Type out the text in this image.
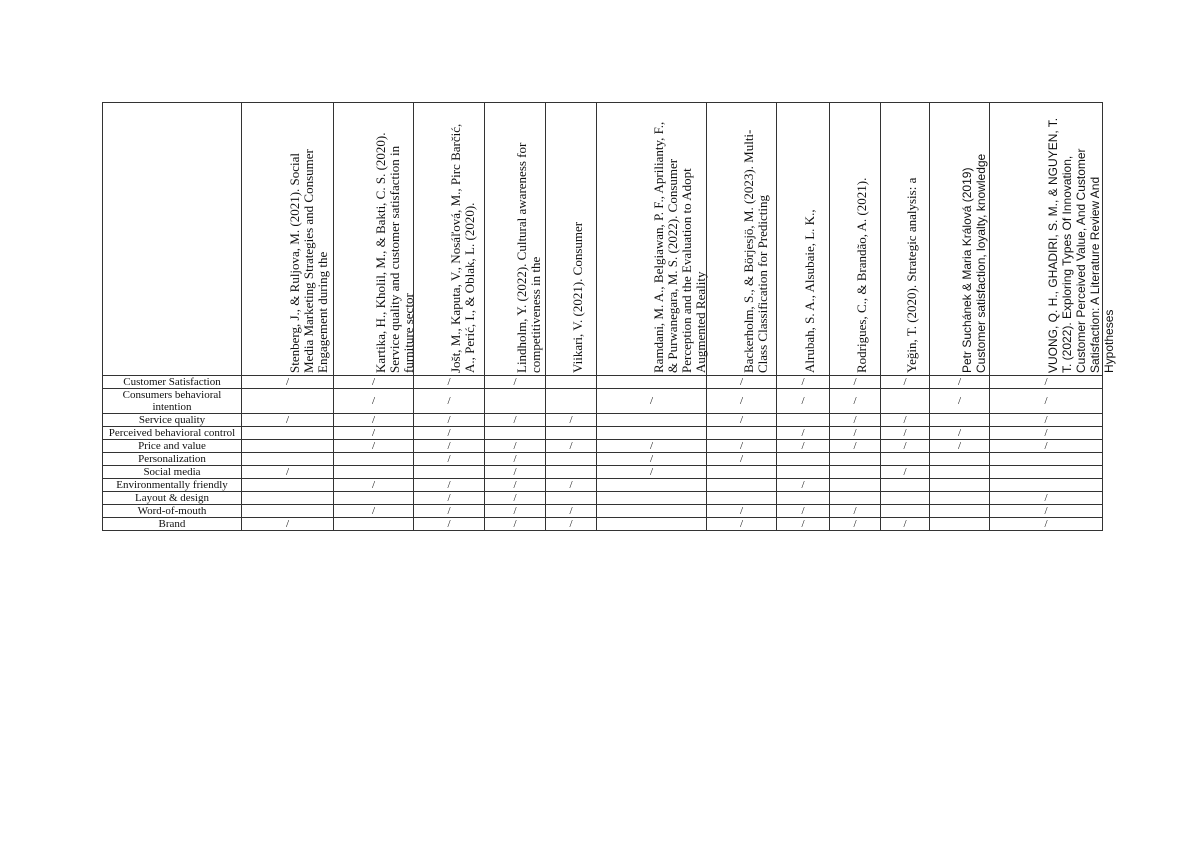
	Stenberg, J., & Ruljova, M. (2021). Social Media Marketing Strategies and Consumer Engagement during the	Kartika, H., Kholil, M., & Bakti, C. S. (2020). Service quality and customer satisfaction in furniture sector	Jošt, M., Kaputa, V., Nosáľová, M., Pirc Barčić, A., Perić, I., & Oblak, L. (2020).	Lindholm, Y. (2022). Cultural awareness for competitiveness in the	Viikari, V. (2021). Consumer	Ramdani, M. A., Belgiawan, P. F., Aprilianty, F., & Purwanegara, M. S. (2022). Consumer Perception and the Evaluation to Adopt Augmented Reality	Backerholm, S., & Börjesjö, M. (2023). Multi-Class Classification for Predicting	Alrubah, S. A., Alsubaie, L. K.,	Rodrigues, C., & Brandão, A. (2021).	Yeğin, T. (2020). Strategic analysis: a	Petr Suchánek & Maria Králová (2019) Customer satisfaction, loyalty, knowledge	VUONG, Q. H., GHADIRI, S. M., & NGUYEN, T. T. (2022). Exploring Types Of Innovation, Customer Perceived Value, And Customer Satisfaction: A Literature Review And Hypotheses

Customer Satisfaction	/	/	/	/			/	/	/	/	/	/
Consumers behavioral intention		/	/			/	/	/	/		/	/
Service quality	/	/	/	/	/		/		/	/		/
Perceived behavioral control		/	/					/	/	/	/	/
Price and value		/	/	/	/	/	/	/	/	/	/	/
Personalization			/	/		/	/					
Social media	/			/		/				/		
Environmentally friendly		/	/	/	/			/				
Layout & design			/	/								/
Word-of-mouth		/	/	/	/		/	/	/			/
Brand	/		/	/	/		/	/	/	/		/
